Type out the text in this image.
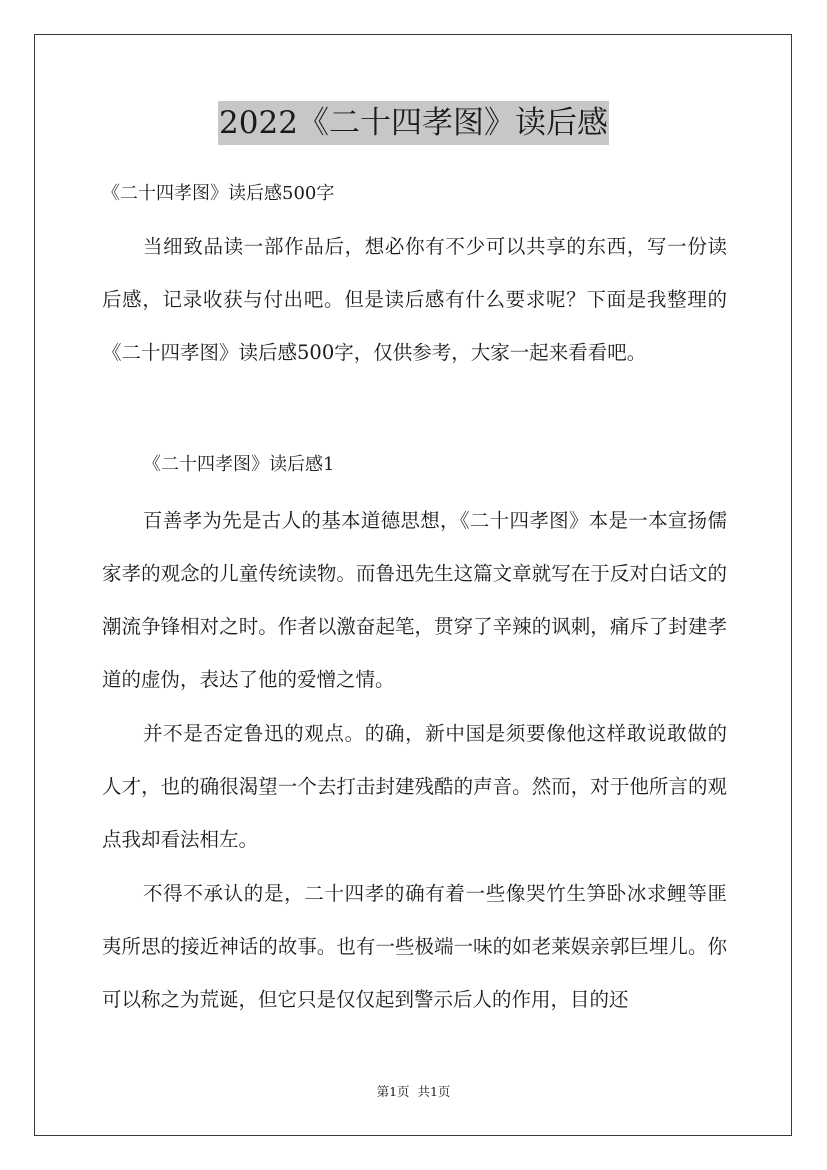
2022《二十四孝图》读后感

《二十四孝图》读后感500字

当细致品读一部作品后，想必你有不少可以共享的东西，写一份读后感，记录收获与付出吧。但是读后感有什么要求呢？下面是我整理的《二十四孝图》读后感500字，仅供参考，大家一起来看看吧。

《二十四孝图》读后感1

百善孝为先是古人的基本道德思想，《二十四孝图》本是一本宣扬儒家孝的观念的儿童传统读物。而鲁迅先生这篇文章就写在于反对白话文的潮流争锋相对之时。作者以激奋起笔，贯穿了辛辣的讽刺，痛斥了封建孝道的虚伪，表达了他的爱憎之情。

并不是否定鲁迅的观点。的确，新中国是须要像他这样敢说敢做的人才，也的确很渴望一个去打击封建残酷的声音。然而，对于他所言的观点我却看法相左。

不得不承认的是，二十四孝的确有着一些像哭竹生笋卧冰求鲤等匪夷所思的接近神话的故事。也有一些极端一味的如老莱娱亲郭巨埋儿。你可以称之为荒诞，但它只是仅仅起到警示后人的作用，目的还

第1页  共1页
